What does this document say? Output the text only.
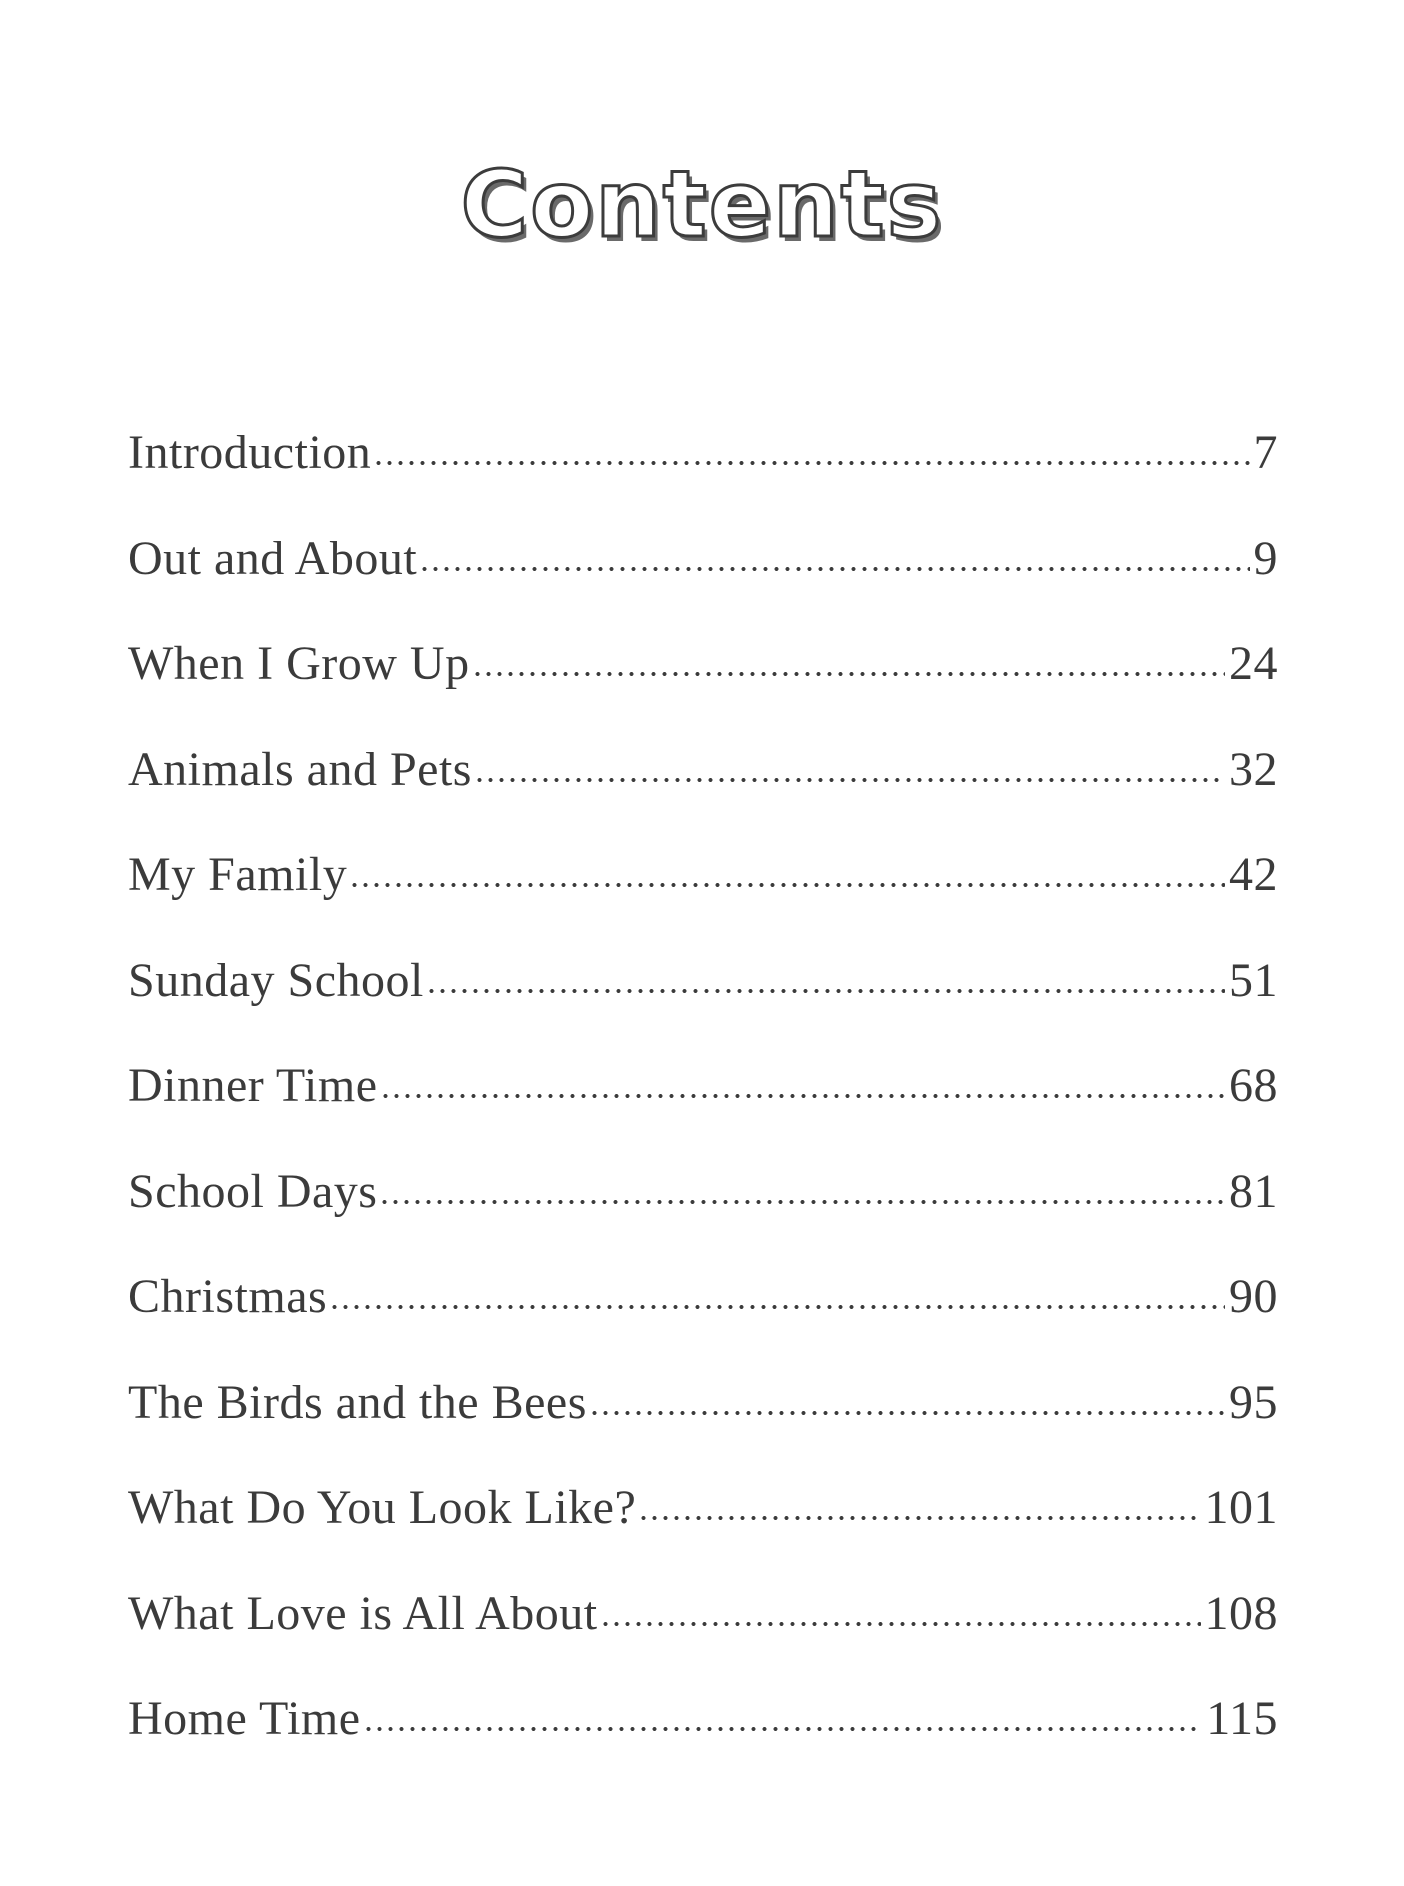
Contents
Introduction	7
Out and About	9
When I Grow Up	24
Animals and Pets	32
My Family	42
Sunday School	51
Dinner Time	68
School Days	81
Christmas	90
The Birds and the Bees	95
What Do You Look Like?	101
What Love is All About	108
Home Time	115
